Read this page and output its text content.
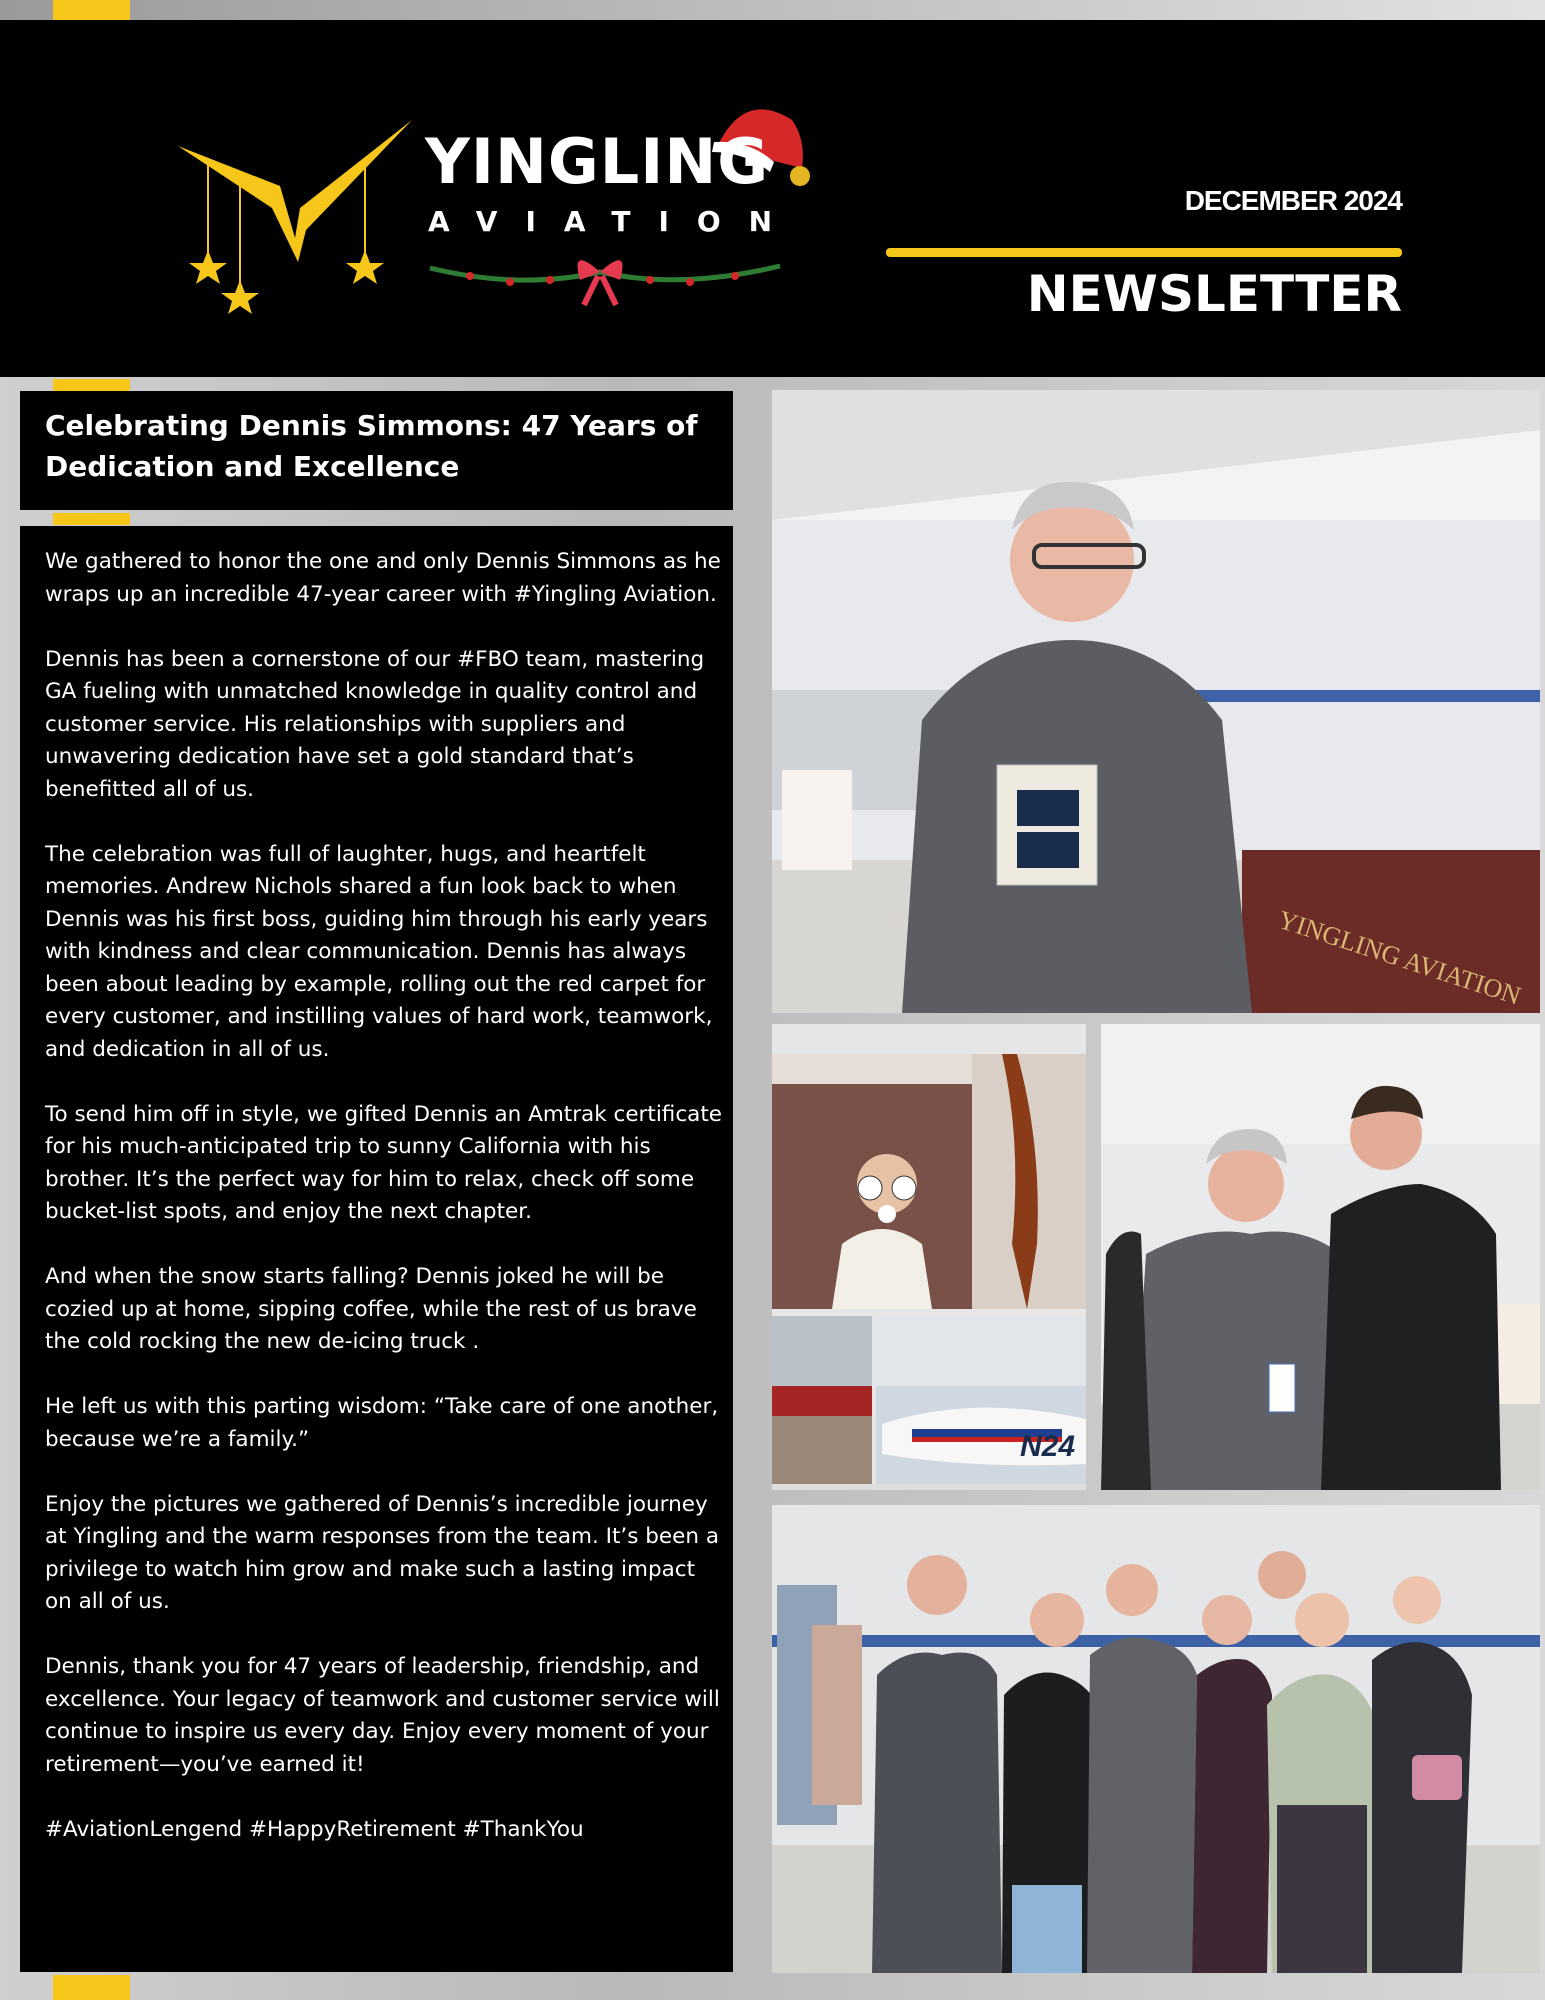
YINGLING
AVIATION
DECEMBER 2024
NEWSLETTER
Celebrating Dennis Simmons: 47 Years of Dedication and Excellence

We gathered to honor the one and only Dennis Simmons as he wraps up an incredible 47-year career with #Yingling Aviation.

Dennis has been a cornerstone of our #FBO team, mastering GA fueling with unmatched knowledge in quality control and customer service. His relationships with suppliers and unwavering dedication have set a gold standard that’s benefitted all of us.

The celebration was full of laughter, hugs, and heartfelt memories. Andrew Nichols shared a fun look back to when Dennis was his first boss, guiding him through his early years with kindness and clear communication. Dennis has always been about leading by example, rolling out the red carpet for every customer, and instilling values of hard work, teamwork, and dedication in all of us.

To send him off in style, we gifted Dennis an Amtrak certificate for his much-anticipated trip to sunny California with his brother. It’s the perfect way for him to relax, check off some bucket-list spots, and enjoy the next chapter.

And when the snow starts falling? Dennis joked he will be cozied up at home, sipping coffee, while the rest of us brave the cold rocking the new de-icing truck .

He left us with this parting wisdom: “Take care of one another, because we’re a family.”

Enjoy the pictures we gathered of Dennis’s incredible journey at Yingling and the warm responses from the team. It’s been a privilege to watch him grow and make such a lasting impact on all of us.

Dennis, thank you for 47 years of leadership, friendship, and excellence. Your legacy of teamwork and customer service will continue to inspire us every day. Enjoy every moment of your retirement—you’ve earned it!

#AviationLengend #HappyRetirement #ThankYou

YINGLING AVIATION
N24
